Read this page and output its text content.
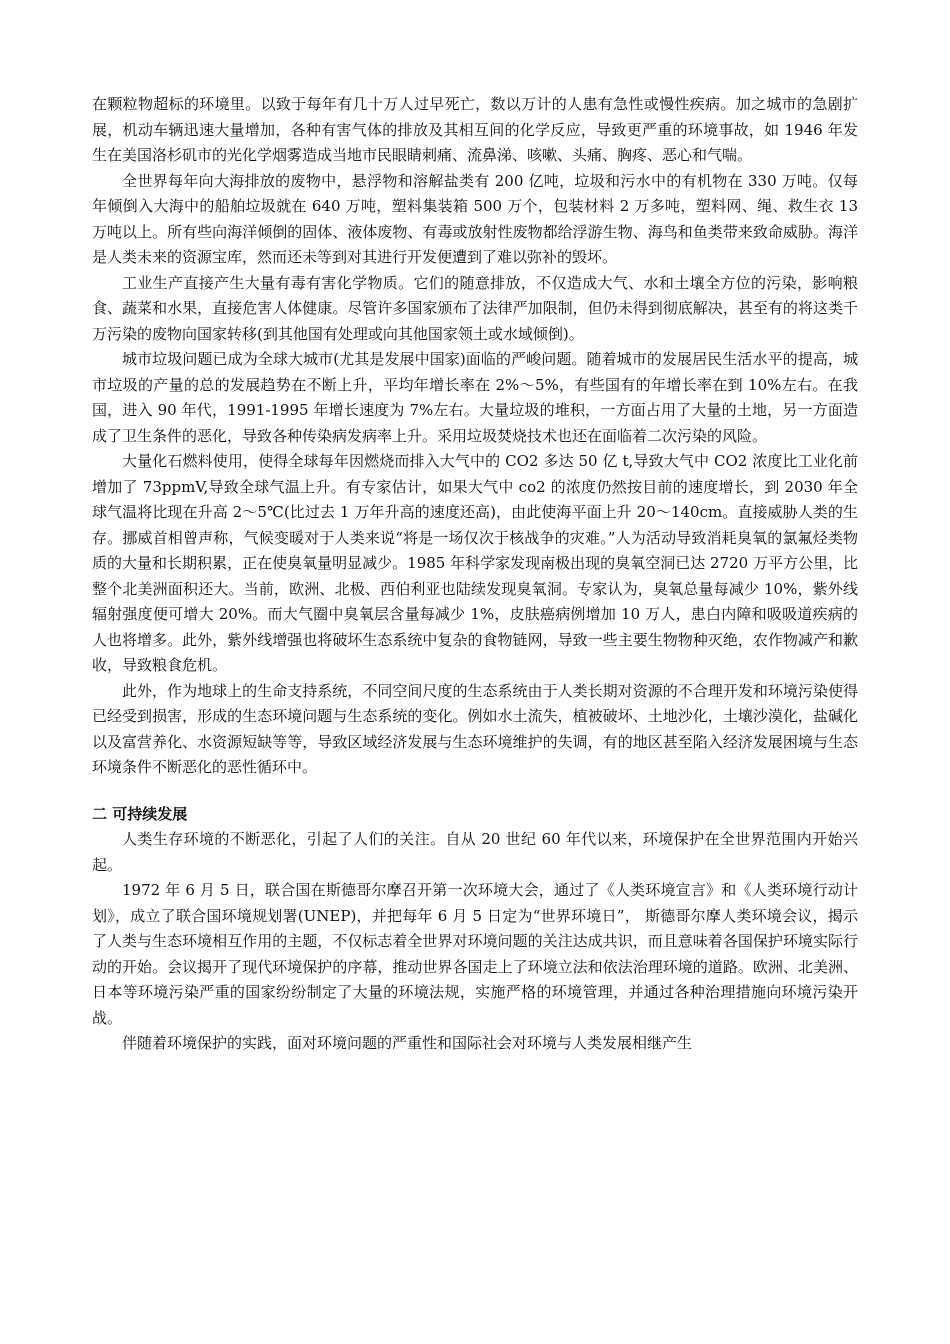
在颗粒物超标的环境里。以致于每年有几十万人过早死亡，数以万计的人患有急性或慢性疾病。加之城市的急剧扩展，机动车辆迅速大量增加，各种有害气体的排放及其相互间的化学反应，导致更严重的环境事故，如 1946 年发生在美国洛杉矶市的光化学烟雾造成当地市民眼睛刺痛、流鼻涕、咳嗽、头痛、胸疼、恶心和气喘。

全世界每年向大海排放的废物中，悬浮物和溶解盐类有 200 亿吨，垃圾和污水中的有机物在 330 万吨。仅每年倾倒入大海中的船舶垃圾就在 640 万吨，塑料集装箱 500 万个，包装材料 2 万多吨，塑料网、绳、救生衣 13 万吨以上。所有些向海洋倾倒的固体、液体废物、有毒或放射性废物都给浮游生物、海鸟和鱼类带来致命威胁。海洋是人类未来的资源宝库，然而还未等到对其进行开发便遭到了难以弥补的毁坏。

工业生产直接产生大量有毒有害化学物质。它们的随意排放，不仅造成大气、水和土壤全方位的污染，影响粮食、蔬菜和水果，直接危害人体健康。尽管许多国家颁布了法律严加限制，但仍未得到彻底解决，甚至有的将这类千万污染的废物向国家转移(到其他国有处理或向其他国家领土或水域倾倒)。

城市垃圾问题已成为全球大城市(尤其是发展中国家)面临的严峻问题。随着城市的发展居民生活水平的提高，城市垃圾的产量的总的发展趋势在不断上升，平均年增长率在 2%～5%，有些国有的年增长率在到 10%左右。在我国，进入 90 年代，1991-1995 年增长速度为 7%左右。大量垃圾的堆积，一方面占用了大量的土地，另一方面造成了卫生条件的恶化，导致各种传染病发病率上升。采用垃圾焚烧技术也还在面临着二次污染的风险。

大量化石燃料使用，使得全球每年因燃烧而排入大气中的 CO2 多达 50 亿 t,导致大气中 CO2 浓度比工业化前增加了 73ppmV,导致全球气温上升。有专家估计，如果大气中 co2 的浓度仍然按目前的速度增长，到 2030 年全球气温将比现在升高 2～5℃(比过去 1 万年升高的速度还高)，由此使海平面上升 20～140cm。直接威胁人类的生存。挪威首相曾声称，气候变暖对于人类来说“将是一场仅次于核战争的灾难。”人为活动导致消耗臭氧的氯氟烃类物质的大量和长期积累，正在使臭氧量明显减少。1985 年科学家发现南极出现的臭氧空洞已达 2720 万平方公里，比整个北美洲面积还大。当前，欧洲、北极、西伯利亚也陆续发现臭氧洞。专家认为，臭氧总量每减少 10%，紫外线辐射强度便可增大 20%。而大气圈中臭氧层含量每减少 1%，皮肤癌病例增加 10 万人，患白内障和吸吸道疾病的人也将增多。此外，紫外线增强也将破坏生态系统中复杂的食物链网，导致一些主要生物物种灭绝，农作物减产和歉收，导致粮食危机。

此外，作为地球上的生命支持系统，不同空间尺度的生态系统由于人类长期对资源的不合理开发和环境污染使得已经受到损害，形成的生态环境问题与生态系统的变化。例如水土流失，植被破坏、土地沙化，土壤沙漠化，盐碱化以及富营养化、水资源短缺等等，导致区域经济发展与生态环境维护的失调，有的地区甚至陷入经济发展困境与生态环境条件不断恶化的恶性循环中。

二 可持续发展

人类生存环境的不断恶化，引起了人们的关注。自从 20 世纪 60 年代以来，环境保护在全世界范围内开始兴起。

1972 年 6 月 5 日，联合国在斯德哥尔摩召开第一次环境大会，通过了《人类环境宣言》和《人类环境行动计划》，成立了联合国环境规划署(UNEP)，并把每年 6 月 5 日定为“世界环境日”， 斯德哥尔摩人类环境会议，揭示了人类与生态环境相互作用的主题，不仅标志着全世界对环境问题的关注达成共识，而且意味着各国保护环境实际行动的开始。会议揭开了现代环境保护的序幕，推动世界各国走上了环境立法和依法治理环境的道路。欧洲、北美洲、日本等环境污染严重的国家纷纷制定了大量的环境法规，实施严格的环境管理，并通过各种治理措施向环境污染开战。

伴随着环境保护的实践，面对环境问题的严重性和国际社会对环境与人类发展相继产生
